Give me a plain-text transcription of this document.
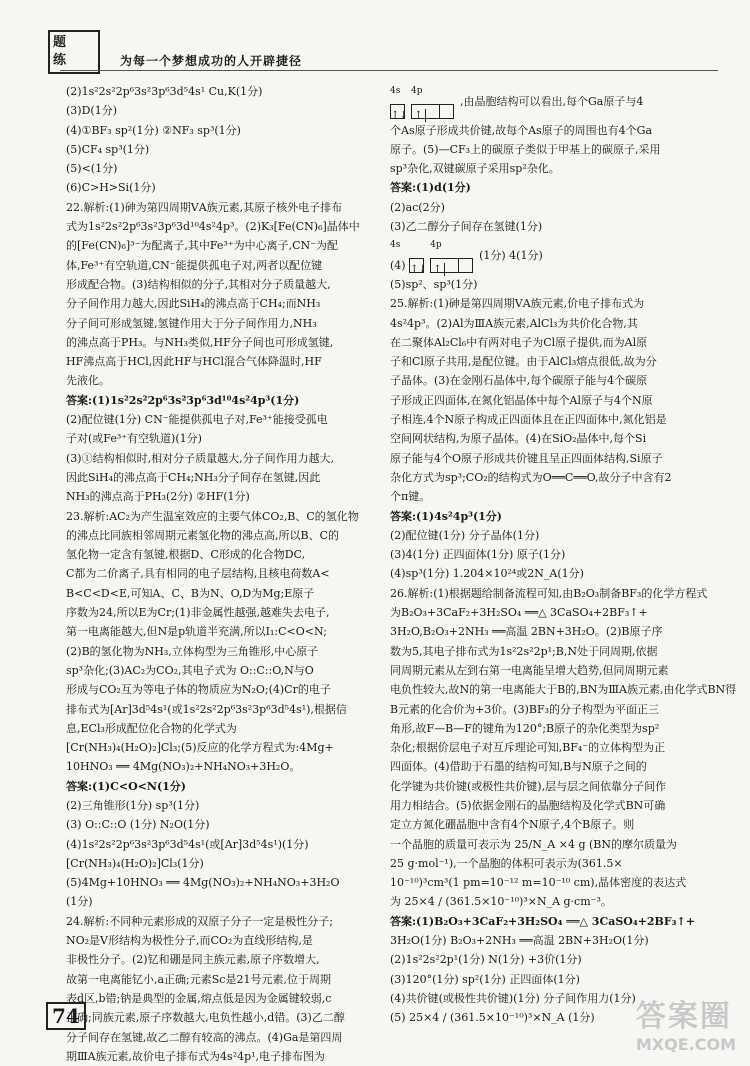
题
练	为每一个梦想成功的人开辟捷径

(2)1s²2s²2p⁶3s²3p⁶3d⁵4s¹ Cu,K(1分)

(3)D(1分)

(4)①BF₃ sp²(1分) ②NF₃ sp³(1分)

(5)CF₄ sp³(1分)

(5)<(1分)

(6)C>H>Si(1分)

22.解析:(1)砷为第四周期ⅤA族元素,其原子核外电子排布

式为1s²2s²2p⁶3s²3p⁶3d¹⁰4s²4p³。(2)K₃[Fe(CN)₆]晶体中

的[Fe(CN)₆]³⁻为配离子,其中Fe³⁺为中心离子,CN⁻为配

体,Fe³⁺有空轨道,CN⁻能提供孤电子对,两者以配位键

形成配合物。(3)结构相似的分子,其相对分子质量越大,

分子间作用力越大,因此SiH₄的沸点高于CH₄;而NH₃

分子间可形成氢键,氢键作用大于分子间作用力,NH₃

的沸点高于PH₃。与NH₃类似,HF分子间也可形成氢键,

HF沸点高于HCl,因此HF与HCl混合气体降温时,HF

先液化。

答案:(1)1s²2s²2p⁶3s²3p⁶3d¹⁰4s²4p³(1分)

(2)配位键(1分) CN⁻能提供孤电子对,Fe³⁺能接受孤电

子对(或Fe³⁺有空轨道)(1分)

(3)①结构相似时,相对分子质量越大,分子间作用力越大,

因此SiH₄的沸点高于CH₄;NH₃分子间存在氢键,因此

NH₃的沸点高于PH₃(2分) ②HF(1分)

23.解析:AC₂为产生温室效应的主要气体CO₂,B、C的氢化物

的沸点比同族相邻周期元素氢化物的沸点高,所以B、C的

氢化物一定含有氢键,根据D、C形成的化合物DC,

C都为二价离子,具有相同的电子层结构,且核电荷数A<

B<C<D<E,可知A、C、B为N、O,D为Mg;E原子

序数为24,所以E为Cr;(1)非金属性越强,越难失去电子,

第一电离能越大,但N是p轨道半充满,所以I₁:C<O<N;

(2)B的氢化物为NH₃,立体构型为三角锥形,中心原子

sp³杂化;(3)AC₂为CO₂,其电子式为 O::C::O,N与O

形成与CO₂互为等电子体的物质应为N₂O;(4)Cr的电子

排布式为[Ar]3d⁵4s¹(或1s²2s²2p⁶3s²3p⁶3d⁵4s¹),根据信

息,ECl₃形成配位化合物的化学式为

[Cr(NH₃)₄(H₂O)₂]Cl₃;(5)反应的化学方程式为:4Mg+

10HNO₃ ══ 4Mg(NO₃)₂+NH₄NO₃+3H₂O。

答案:(1)C<O<N(1分)

(2)三角锥形(1分) sp³(1分)

(3) O::C::O (1分) N₂O(1分)

(4)1s²2s²2p⁶3s²3p⁶3d⁵4s¹(或[Ar]3d⁵4s¹)(1分)

[Cr(NH₃)₄(H₂O)₂]Cl₃(1分)

(5)4Mg+10HNO₃ ══ 4Mg(NO₃)₂+NH₄NO₃+3H₂O

(1分)

24.解析:不同种元素形成的双原子分子一定是极性分子;

NO₂是V形结构为极性分子,而CO₂为直线形结构,是

非极性分子。(2)钇和硼是同主族元素,原子序数增大,

故第一电离能钇小,a正确;元素Sc是21号元素,位于周期

表d区,b错;钠是典型的金属,熔点低是因为金属键较弱,c

正确;同族元素,原子序数越大,电负性越小,d错。(3)乙二醇

分子间存在氢键,故乙二醇有较高的沸点。(4)Ga是第四周

期ⅢA族元素,故价电子排布式为4s²4p¹,电子排布图为

4s
↑↓
4p
↑

,由晶胞结构可以看出,每个Ga原子与4

个As原子形成共价键,故每个As原子的周围也有4个Ga

原子。(5)—CF₃上的碳原子类似于甲基上的碳原子,采用

sp³杂化,双键碳原子采用sp²杂化。

答案:(1)d(1分)

(2)ac(2分)

(3)乙二醇分子间存在氢键(1分)

4s
(4) ↑↓
4p
↑

(1分) 4(1分)

(5)sp²、sp³(1分)

25.解析:(1)砷是第四周期ⅤA族元素,价电子排布式为

4s²4p³。(2)Al为ⅢA族元素,AlCl₃为共价化合物,其

在二聚体Al₂Cl₆中有两对电子为Cl原子提供,而为Al原

子和Cl原子共用,是配位键。由于AlCl₃熔点很低,故为分

子晶体。(3)在金刚石晶体中,每个碳原子能与4个碳原

子形成正四面体,在氮化铝晶体中每个Al原子与4个N原

子相连,4个N原子构成正四面体且在正四面体中,氮化铝是

空间网状结构,为原子晶体。(4)在SiO₂晶体中,每个Si

原子能与4个O原子形成共价键且呈正四面体结构,Si原子

杂化方式为sp³;CO₂的结构式为O══C══O,故分子中含有2

个π键。

答案:(1)4s²4p³(1分)

(2)配位键(1分) 分子晶体(1分)

(3)4(1分) 正四面体(1分) 原子(1分)

(4)sp³(1分) 1.204×10²⁴或2N_A(1分)

26.解析:(1)根据题给制备流程可知,由B₂O₃制备BF₃的化学方程式

为B₂O₃+3CaF₂+3H₂SO₄ ══△ 3CaSO₄+2BF₃↑+

3H₂O,B₂O₃+2NH₃ ══高温 2BN+3H₂O。(2)B原子序

数为5,其电子排布式为1s²2s²2p¹;B,N处于同周期,依据

同周期元素从左到右第一电离能呈增大趋势,但同周期元素

电负性较大,故N的第一电离能大于B的,BN为ⅢA族元素,由化学式BN得

B元素的化合价为+3价。(3)BF₃的分子构型为平面正三

角形,故F—B—F的键角为120°;B原子的杂化类型为sp²

杂化;根据价层电子对互斥理论可知,BF₄⁻的立体构型为正

四面体。(4)借助于石墨的结构可知,B与N原子之间的

化学键为共价键(或极性共价键),层与层之间依靠分子间作

用力相结合。(5)依据金刚石的晶胞结构及化学式BN可确

定立方氮化硼晶胞中含有4个N原子,4个B原子。则

一个晶胞的质量可表示为 25/N_A ×4 g (BN的摩尔质量为

25 g·mol⁻¹),一个晶胞的体积可表示为(361.5×

10⁻¹⁰)³cm³(1 pm=10⁻¹² m=10⁻¹⁰ cm),晶体密度的表达式

为 25×4 / (361.5×10⁻¹⁰)³×N_A g·cm⁻³。

答案:(1)B₂O₃+3CaF₂+3H₂SO₄ ══△ 3CaSO₄+2BF₃↑+

3H₂O(1分) B₂O₃+2NH₃ ══高温 2BN+3H₂O(1分)

(2)1s²2s²2p¹(1分) N(1分) +3价(1分)

(3)120°(1分) sp²(1分) 正四面体(1分)

(4)共价键(或极性共价键)(1分) 分子间作用力(1分)

(5) 25×4 / (361.5×10⁻¹⁰)³×N_A (1分)

74	答案圈
MXQE.COM
